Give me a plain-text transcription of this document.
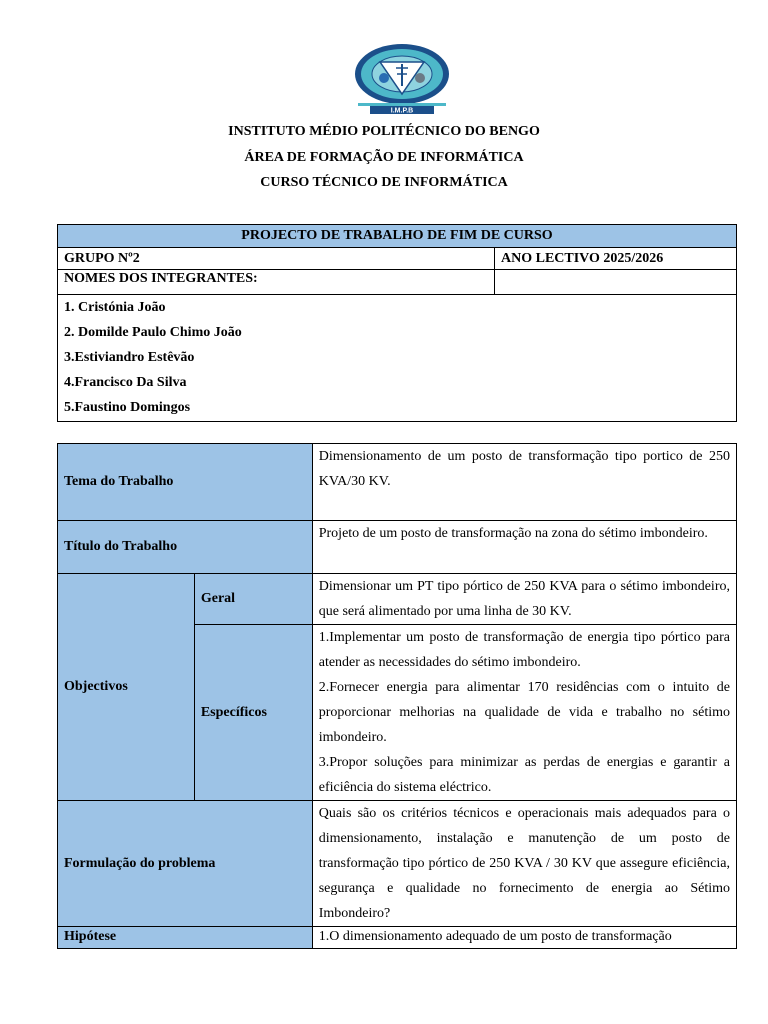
I.M.P.B
INSTITUTO MÉDIO POLITÉCNICO DO BENGO
ÁREA DE FORMAÇÃO DE INFORMÁTICA
CURSO TÉCNICO DE INFORMÁTICA
PROJECTO DE TRABALHO DE FIM DE CURSO	
GRUPO Nº2	ANO LECTIVO 2025/2026
NOMES DOS INTEGRANTES:	

1. Cristónia João
2. Domilde Paulo Chimo João
3.Estiviandro Estêvão
4.Francisco Da Silva
5.Faustino Domingos	
Tema do Trabalho		Dimensionamento de um posto de transformação tipo portico de 250 KVA/30 KV.
Título do Trabalho		Projeto de um posto de transformação na zona do sétimo imbondeiro.
Objectivos	Geral	Dimensionar um PT tipo pórtico de 250 KVA para o sétimo imbondeiro, que será alimentado por uma linha de 30 KV.
	Específicos	1.Implementar um posto de transformação de energia tipo pórtico para atender as necessidades do sétimo imbondeiro.

2.Fornecer energia para alimentar 170 residências com o intuito de proporcionar melhorias na qualidade de vida e trabalho no sétimo imbondeiro.

3.Propor soluções para minimizar as perdas de energias e garantir a eficiência do sistema eléctrico.

Formulação do problema		Quais são os critérios técnicos e operacionais mais adequados para o dimensionamento, instalação e manutenção de um posto de transformação tipo pórtico de 250 KVA / 30 KV que assegure eficiência, segurança e qualidade no fornecimento de energia ao Sétimo Imbondeiro?
Hipótese		1.O dimensionamento adequado de um posto de transformação
